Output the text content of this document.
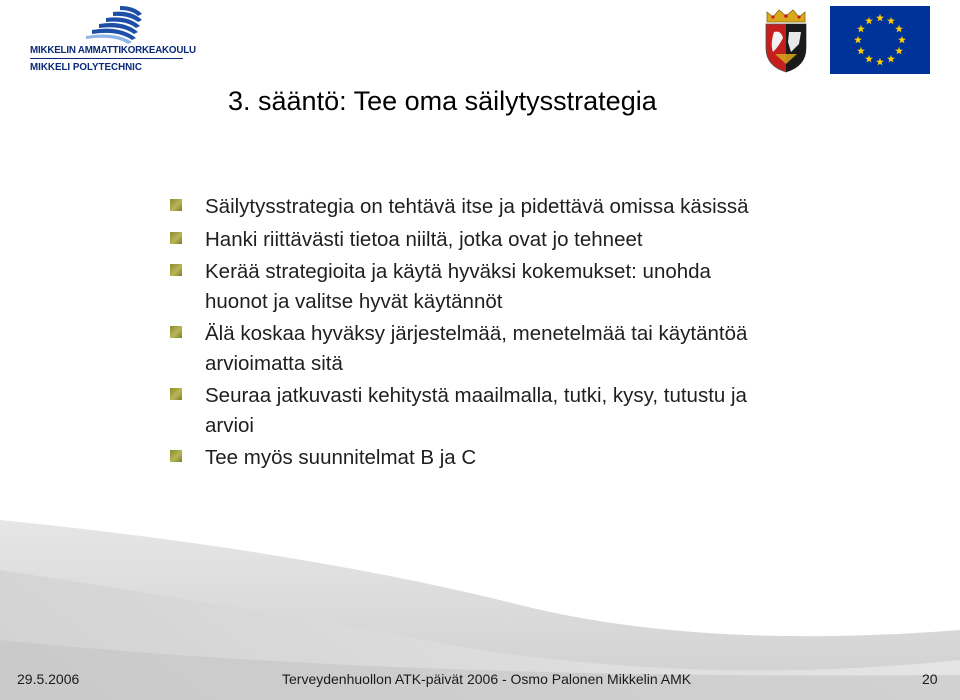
MIKKELIN AMMATTIKORKEAKOULU
MIKKELI POLYTECHNIC
3. sääntö: Tee oma säilytysstrategia
Säilytysstrategia on tehtävä itse ja pidettävä omissa käsissä
Hanki riittävästi tietoa niiltä, jotka ovat jo tehneet
Kerää strategioita ja käytä hyväksi kokemukset: unohda huonot ja valitse hyvät käytännöt
Älä koskaa hyväksy järjestelmää, menetelmää tai käytäntöä arvioimatta sitä
Seuraa jatkuvasti kehitystä maailmalla, tutki, kysy, tutustu ja arvioi
Tee myös suunnitelmat B ja C
29.5.2006	Terveydenhuollon ATK-päivät 2006 - Osmo Palonen Mikkelin AMK	20
